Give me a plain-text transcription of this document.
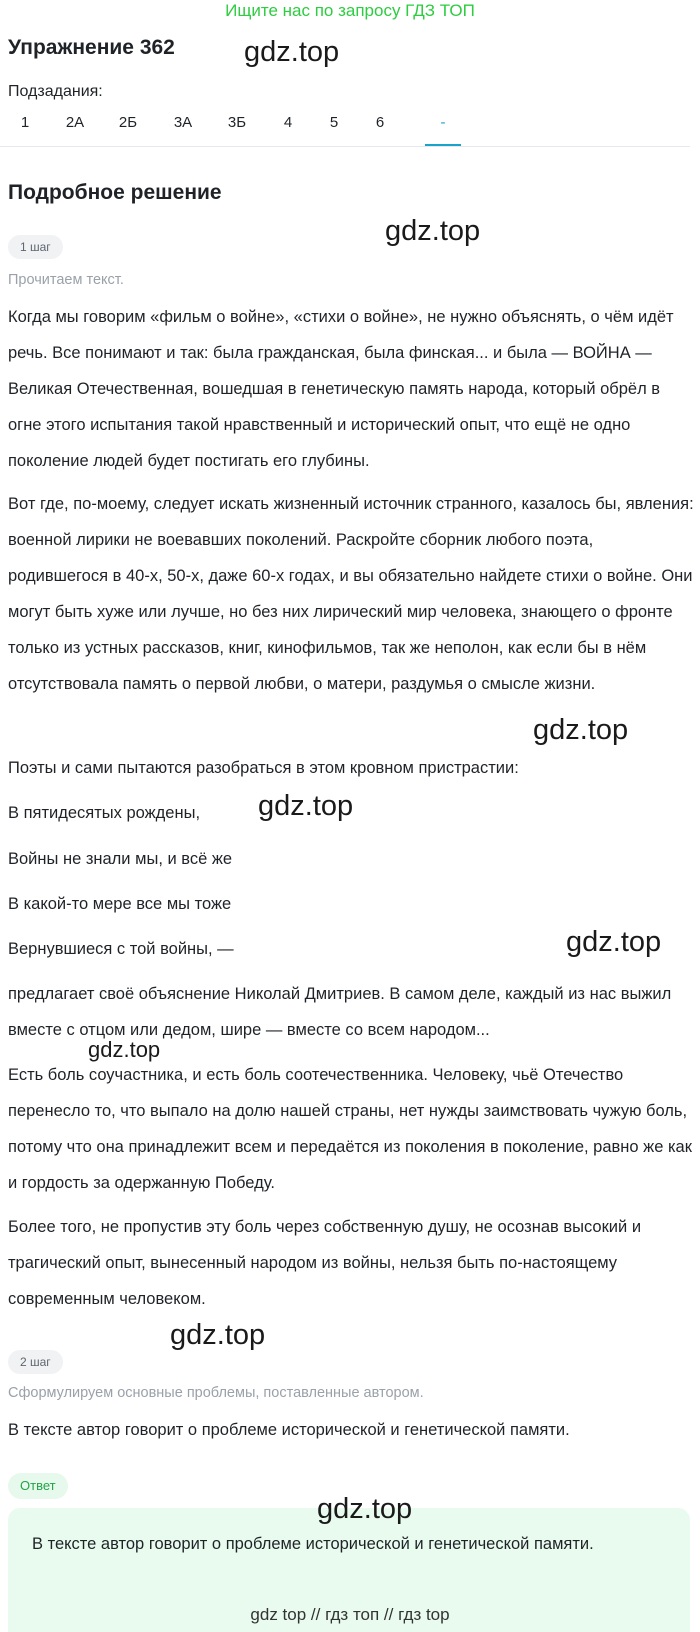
Ищите нас по запросу ГДЗ ТОП
Упражнение 362 gdz.top
Подзадания:
1	2А	2Б	3А	3Б	4	5	6	-
Подробное решение
gdz.top
1 шаг
Прочитаем текст.
Когда мы говорим «фильм о войне», «стихи о войне», не нужно объяснять, о чём идёт речь. Все понимают и так: была гражданская, была финская... и была — ВОЙНА — Великая Отечественная, вошедшая в генетическую память народа, который обрёл в огне этого испытания такой нравственный и исторический опыт, что ещё не одно поколение людей будет постигать его глубины.
Вот где, по-моему, следует искать жизненный источник странного, казалось бы, явления: военной лирики не воевавших поколений. Раскройте сборник любого поэта, родившегося в 40-х, 50-х, даже 60-х годах, и вы обязательно найдете стихи о войне. Они могут быть хуже или лучше, но без них лирический мир человека, знающего о фронте только из устных рассказов, книг, кинофильмов, так же неполон, как если бы в нём отсутствовала память о первой любви, о матери, раздумья о смысле жизни.
gdz.top
Поэты и сами пытаются разобраться в этом кровном пристрастии:
В пятидесятых рождены,	gdz.top
Войны не знали мы, и всё же
В какой-то мере все мы тоже
Вернувшиеся с той войны, —	gdz.top
предлагает своё объяснение Николай Дмитриев. В самом деле, каждый из нас выжил вместе с отцом или дедом, шире — вместе со всем народом...
gdz.top
Есть боль соучастника, и есть боль соотечественника. Человеку, чьё Отечество перенесло то, что выпало на долю нашей страны, нет нужды заимствовать чужую боль, потому что она принадлежит всем и передаётся из поколения в поколение, равно же как и гордость за одержанную Победу.
Более того, не пропустив эту боль через собственную душу, не осознав высокий и трагический опыт, вынесенный народом из войны, нельзя быть по-настоящему современным человеком.
gdz.top
2 шаг
Сформулируем основные проблемы, поставленные автором.
В тексте автор говорит о проблеме исторической и генетической памяти.
Ответ
В тексте автор говорит о проблеме исторической и генетической памяти.
gdz.top
gdz top // гдз топ // гдз top
